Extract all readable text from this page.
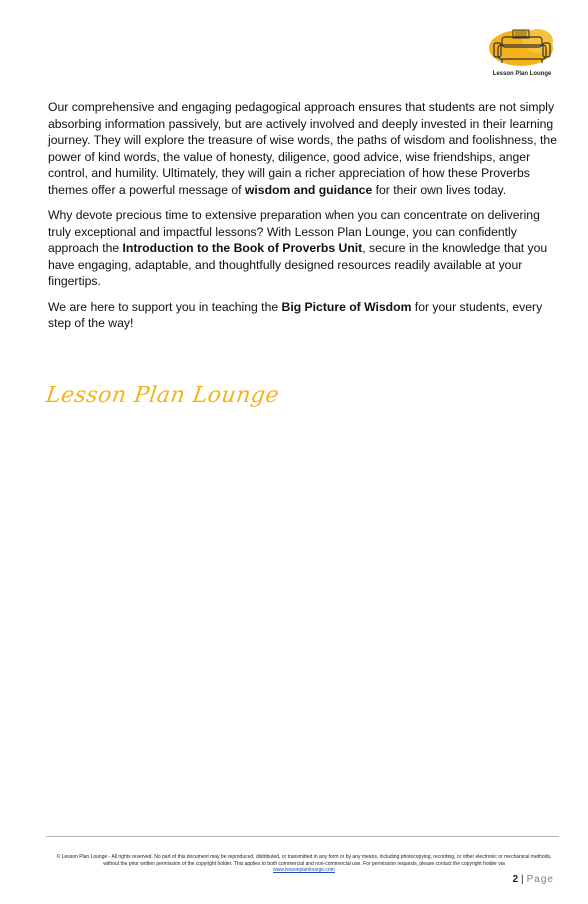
Lesson Plan Lounge

Our comprehensive and engaging pedagogical approach ensures that students are not simply absorbing information passively, but are actively involved and deeply invested in their learning journey. They will explore the treasure of wise words, the paths of wisdom and foolishness, the power of kind words, the value of honesty, diligence, good advice, wise friendships, anger control, and humility. Ultimately, they will gain a richer appreciation of how these Proverbs themes offer a powerful message of wisdom and guidance for their own lives today.

Why devote precious time to extensive preparation when you can concentrate on delivering truly exceptional and impactful lessons? With Lesson Plan Lounge, you can confidently approach the Introduction to the Book of Proverbs Unit, secure in the knowledge that you have engaging, adaptable, and thoughtfully designed resources readily available at your fingertips.

We are here to support you in teaching the Big Picture of Wisdom for your students, every step of the way!

Lesson Plan Lounge
© Lesson Plan Lounge - All rights reserved. No part of this document may be reproduced, distributed, or transmitted in any form or by any means, including photocopying, recording, or other electronic or mechanical methods, without the prior written permission of the copyright holder. This applies to both commercial and non-commercial use. For permission requests, please contact the copyright holder via
www.lessonplanlounge.com
2 | Page
